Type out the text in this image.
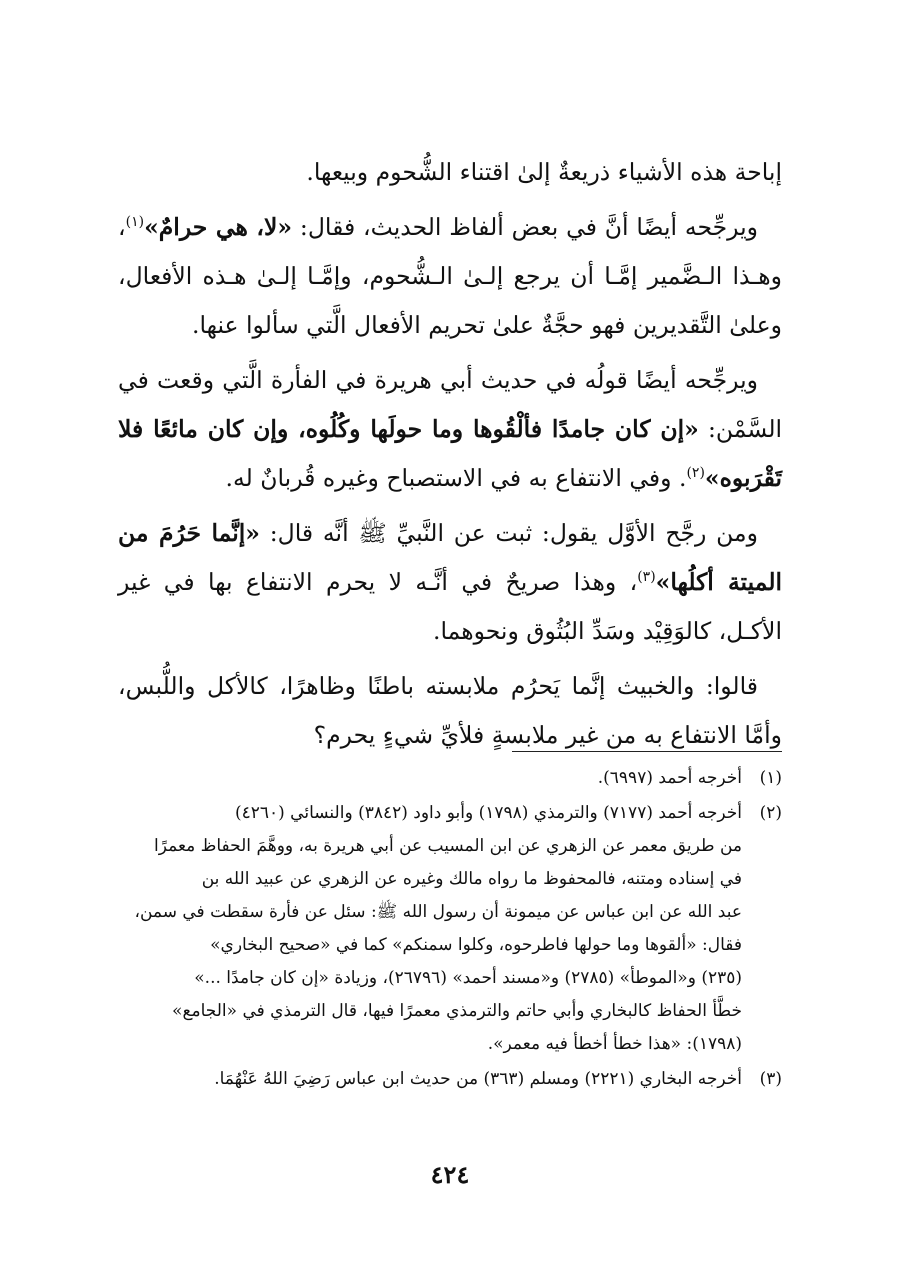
إباحة هذه الأشياء ذريعةٌ إلىٰ اقتناء الشُّحوم وبيعها.

ويرجِّحه أيضًا أنَّ في بعض ألفاظ الحديث، فقال: «لا، هي حرامٌ»$^{(١)}$، وهـذا الـضَّمير إمَّـا أن يرجع إلـىٰ الـشُّحوم، وإمَّـا إلـىٰ هـذه الأفعال، وعلىٰ التَّقديرين فهو حجَّةٌ علىٰ تحريم الأفعال الَّتي سألوا عنها.

ويرجِّحه أيضًا قولُه في حديث أبي هريرة في الفأرة الَّتي وقعت في السَّمْن: «إن كان جامدًا فألْقُوها وما حولَها وكُلُوه، وإن كان مائعًا فلا تَقْرَبوه»$^{(٢)}$. وفي الانتفاع به في الاستصباح وغيره قُربانٌ له.

ومن رجَّح الأوَّل يقول: ثبت عن النَّبيِّ ﷺ أنَّه قال: «إنَّما حَرُمَ من الميتة أكلُها»$^{(٣)}$، وهذا صريحٌ في أنَّـه لا يحرم الانتفاع بها في غير الأكـل، كالوَقِيْد وسَدِّ البُثُوق ونحوهما.

قالوا: والخبيث إنَّما يَحرُم ملابسته باطنًا وظاهرًا، كالأكل واللُّبس، وأمَّا الانتفاع به من غير ملابسةٍ فلأيِّ شيءٍ يحرم؟

(١)
أخرجه أحمد (٦٩٩٧).
(٢)
أخرجه أحمد (٧١٧٧) والترمذي (١٧٩٨) وأبو داود (٣٨٤٢) والنسائي (٤٢٦٠)
من طريق معمر عن الزهري عن ابن المسيب عن أبي هريرة به، ووهَّمَ الحفاظ معمرًا
في إسناده ومتنه، فالمحفوظ ما رواه مالك وغيره عن الزهري عن عبيد الله بن
عبد الله عن ابن عباس عن ميمونة أن رسول الله ﷺ: سئل عن فأرة سقطت في سمن،
فقال: «ألقوها وما حولها فاطرحوه، وكلوا سمنكم» كما في «صحيح البخاري»
(٢٣٥) و«الموطأ» (٢٧٨٥) و«مسند أحمد» (٢٦٧٩٦)، وزيادة «إن كان جامدًا ...»
خطَّأ الحفاظ كالبخاري وأبي حاتم والترمذي معمرًا فيها، قال الترمذي في «الجامع»
(١٧٩٨): «هذا خطأ أخطأ فيه معمر».
(٣)
أخرجه البخاري (٢٢٢١) ومسلم (٣٦٣) من حديث ابن عباس رَضِيَ اللهُ عَنْهُمَا.
٤٢٤
